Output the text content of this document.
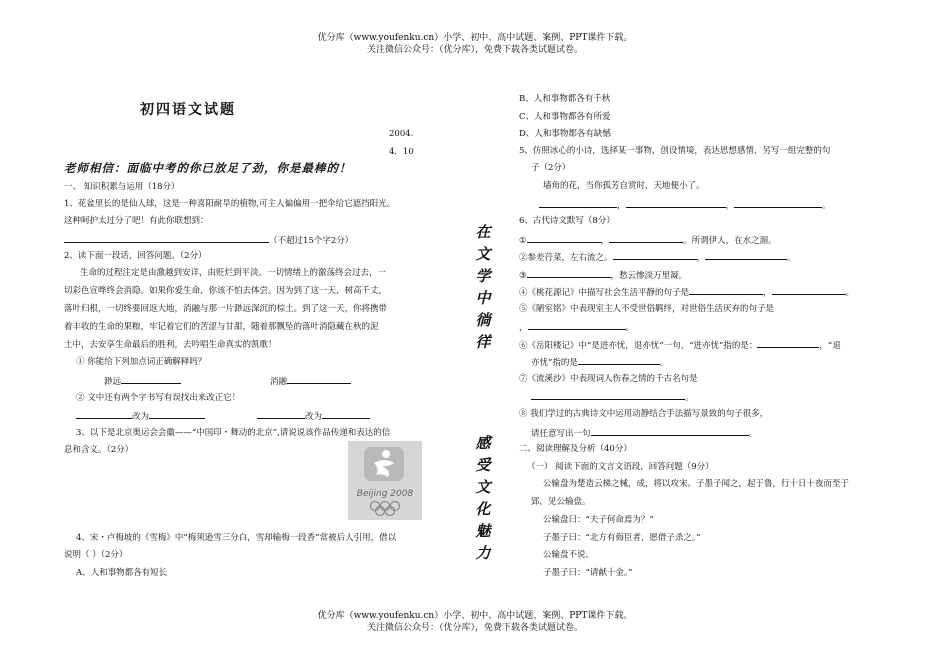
优分库（www.youfenku.cn）小学、初中、高中试题、案例、PPT课件下载。
关注微信公众号：（优分库），免费下载各类试题试卷。
初四语文试题
2004.
4．10
老师相信：面临中考的你已放足了劲，你是最棒的！
一、 知识积累与运用（18分）
1、花盆里长的是仙人球，这是一种喜阳耐旱的植物,可主人偏偏用一把伞给它遮挡阳光。
这种呵护太过分了吧！有此你联想到：
（不超过15个字2分）
2、读下面一段话，回答问题。（2分）
生命的过程注定是由激越到安详，由贬烂到平淡。一切情绪上的激荡终会过去，一
切彩色宣哗终会消隐。如果你爱生命，你该不怕去体尝。因为到了这一天，树高千丈，
落叶归根，一切终要回返大地，消融与那一片渺远深沉的棕土。到了这一天，你将携带
着丰收的生命的果粮，牢记着它们的苦涩与甘甜，随着那飘坠的落叶消隐藏在秋的泥
土中，去安享生命最后的胜利，去吟唱生命真实的凯歌！
① 你能给下列加点词正确解释吗？
渺远	消融
② 文中还有两个字书写有误找出来改正它！
改为	改为
3、以下是北京奥运会会徽——“中国印・舞动的北京”,请说说该作品传递和表达的信
息和含义。（2分）
Beijing 2008
4、宋・卢梅坡的《雪梅》中“梅须逊雪三分白，雪却输梅一段香”常被后人引用，借以
说明（ ）（2分）
A、人和事物都各有短长
在文学中徜徉
感受文化魅力
B、人和事物都各有千秋
C、人和事物都各有所爱
D、人和事物都各有缺憾
5、仿照冰心的小诗，选择某一事物，创设情境，表达思想感情，另写一组完整的句
子（2分）
墙角的花，当你孤芳自赏时，天地便小了。
，	，	。
6、古代诗文默写（8分）
①	，	。所谓伊人，在水之湄。
②参差荇菜，左右流之。	，	。
③	，愁云惨淡万里凝。
④《桃花源记》中描写社会生活平静的句子是	，	。
⑤《陋室铭》中表现室主人不受世俗羁绊，对世俗生活厌弃的句子是
，	。
⑥《岳阳楼记》中“是进亦忧，退亦忧”一句，“进亦忧”指的是：	，“退
亦忧”指的是	。
⑦《流溪沙》中表现词人伤春之情的千古名句是
。
⑧ 我们学过的古典诗文中运用动静结合手法描写景致的句子很多，
请任意写出一句	。
二、阅读理解及分析（40分）
（一） 阅读下面的文言文语段，回答问题（9分）
公输盘为楚造云梯之械，成，将以攻宋。子墨子闻之，起于鲁，行十日十夜而至于
郢，见公输盘。
公输盘曰：“夫子何命焉为？”
子墨子曰：“北方有侮臣者，愿借子杀之。”
公输盘不说。
子墨子曰：“请献十金。”
优分库（www.youfenku.cn）小学、初中、高中试题、案例、PPT课件下载。
关注微信公众号：（优分库），免费下载各类试题试卷。
